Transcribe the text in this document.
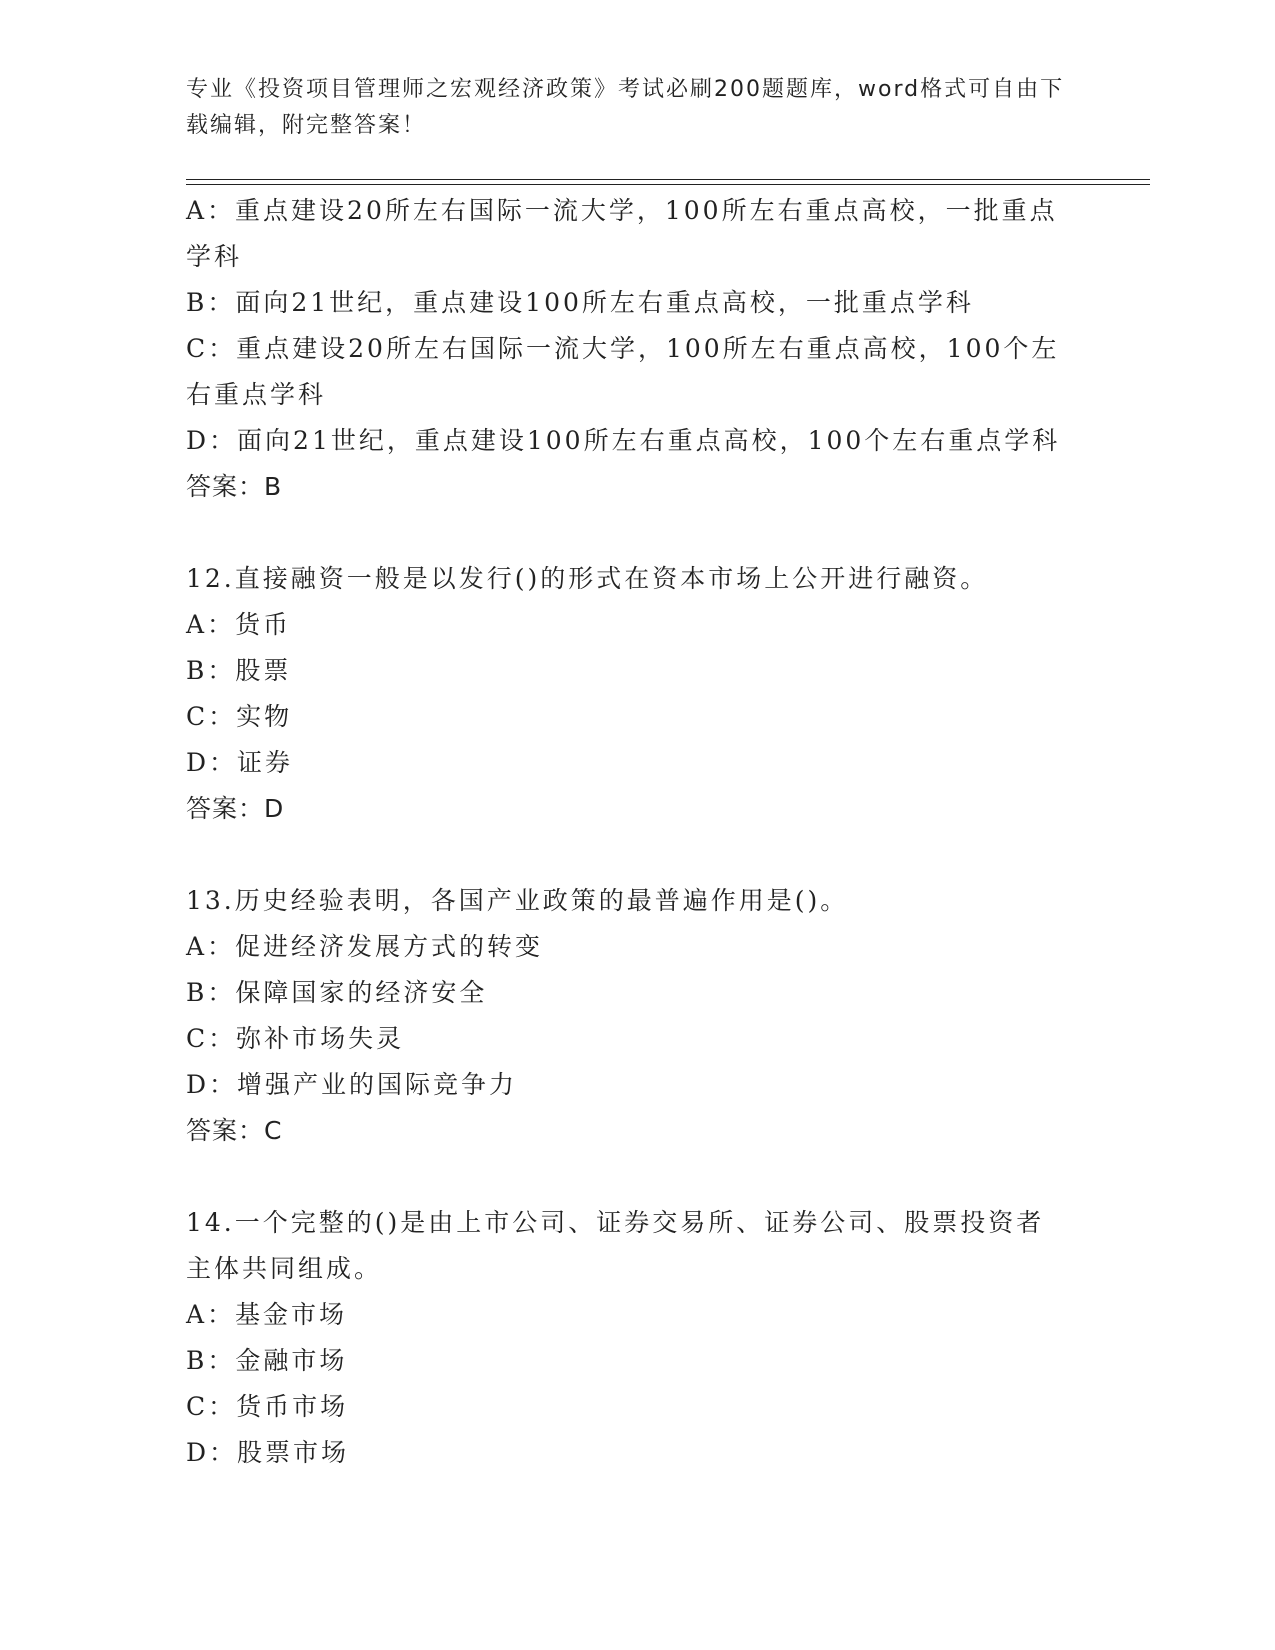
专业《投资项目管理师之宏观经济政策》考试必刷200题题库，word格式可自由下载编辑，附完整答案！

A：重点建设20所左右国际一流大学，100所左右重点高校，一批重点学科

B：面向21世纪，重点建设100所左右重点高校，一批重点学科

C：重点建设20所左右国际一流大学，100所左右重点高校，100个左右重点学科

D：面向21世纪，重点建设100所左右重点高校，100个左右重点学科

答案：B

12.直接融资一般是以发行()的形式在资本市场上公开进行融资。

A：货币

B：股票

C：实物

D：证券

答案：D

13.历史经验表明，各国产业政策的最普遍作用是()。

A：促进经济发展方式的转变

B：保障国家的经济安全

C：弥补市场失灵

D：增强产业的国际竞争力

答案：C

14.一个完整的()是由上市公司、证券交易所、证券公司、股票投资者主体共同组成。

A：基金市场

B：金融市场

C：货币市场

D：股票市场
